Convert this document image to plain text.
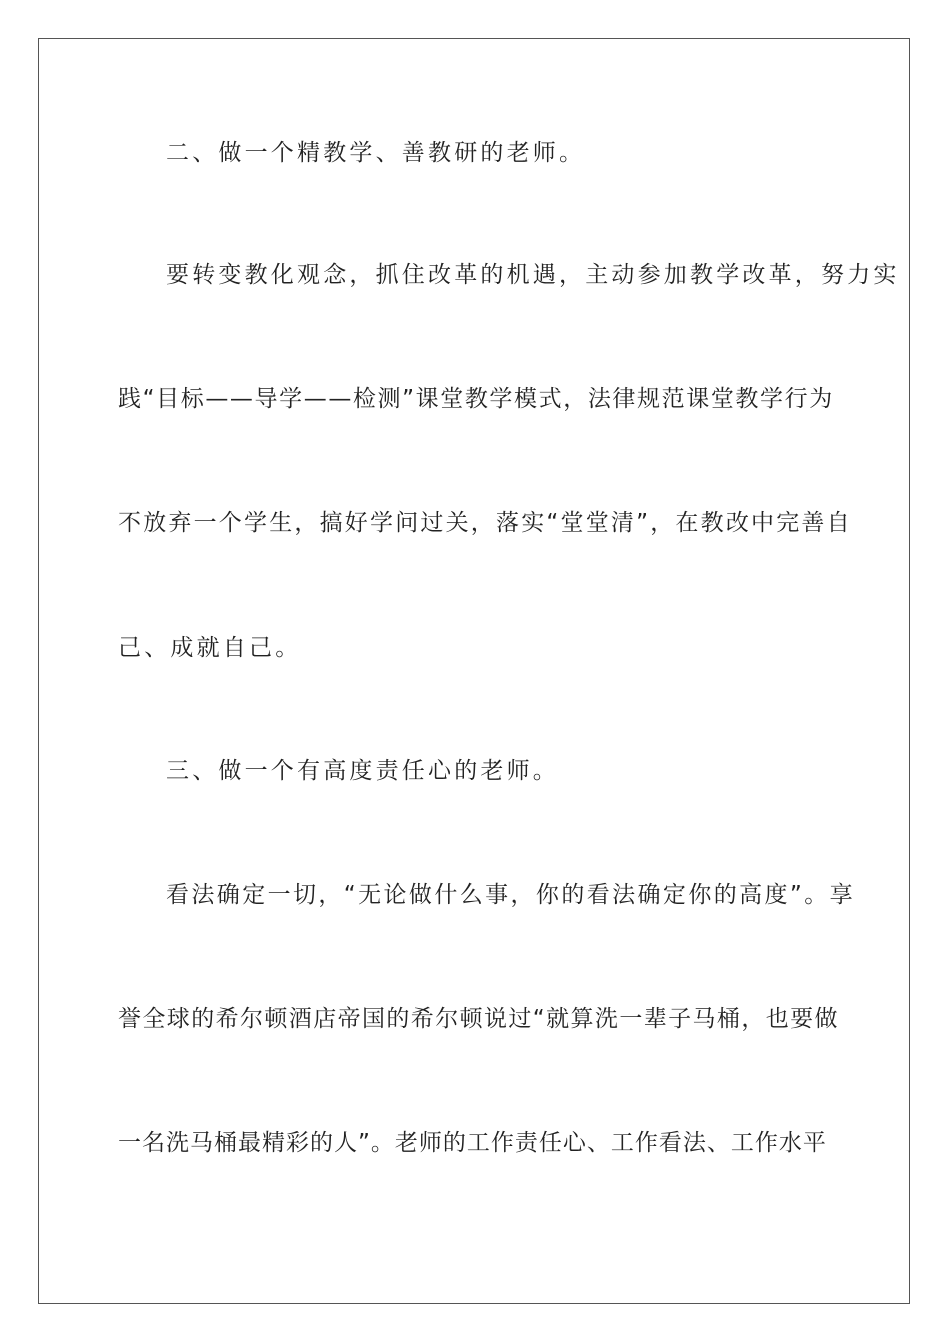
二、做一个精教学、善教研的老师。
要转变教化观念，抓住改革的机遇，主动参加教学改革，努力实
践“目标——导学——检测”课堂教学模式，法律规范课堂教学行为
不放弃一个学生，搞好学问过关，落实“堂堂清”，在教改中完善自
己、成就自己。
三、做一个有高度责任心的老师。
看法确定一切，“无论做什么事，你的看法确定你的高度”。享
誉全球的希尔顿酒店帝国的希尔顿说过“就算洗一辈子马桶，也要做
一名洗马桶最精彩的人”。老师的工作责任心、工作看法、工作水平
